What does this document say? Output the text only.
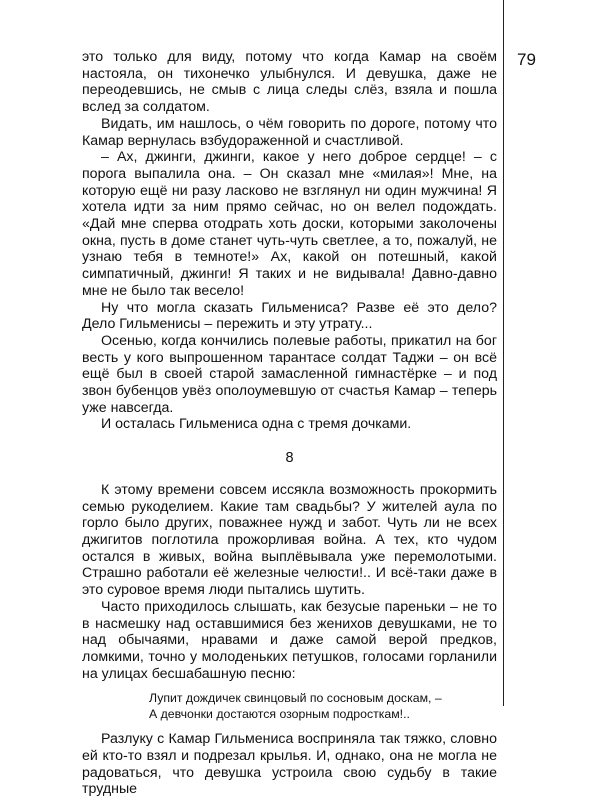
79

это только для виду, потому что когда Камар на своём настояла, он тихонечко улыбнулся. И девушка, даже не переодевшись, не смыв с лица следы слёз, взяла и пошла вслед за солдатом.

Видать, им нашлось, о чём говорить по дороге, потому что Камар вернулась взбудораженной и счастливой.

– Ах, джинги, джинги, какое у него доброе сердце! – с порога выпалила она. – Он сказал мне «милая»! Мне, на которую ещё ни разу ласково не взглянул ни один мужчина! Я хотела идти за ним прямо сейчас, но он велел подождать. «Дай мне сперва отодрать хоть доски, которыми заколочены окна, пусть в доме станет чуть-чуть светлее, а то, пожалуй, не узнаю тебя в темноте!» Ах, какой он потешный, какой симпатичный, джинги! Я таких и не видывала! Давно-давно мне не было так весело!

Ну что могла сказать Гильмениса? Разве её это дело? Дело Гильменисы – пережить и эту утрату...

Осенью, когда кончились полевые работы, прикатил на бог весть у кого выпрошенном тарантасе солдат Таджи – он всё ещё был в своей старой замасленной гимнастёрке – и под звон бубенцов увёз ополоумевшую от счастья Камар – теперь уже навсегда.

И осталась Гильмениса одна с тремя дочками.

8

К этому времени совсем иссякла возможность прокормить семью рукоделием. Какие там свадьбы? У жителей аула по горло было других, поважнее нужд и забот. Чуть ли не всех джигитов поглотила прожорливая война. А тех, кто чудом остался в живых, война выплёвывала уже перемолотыми. Страшно работали её железные челюсти!.. И всё-таки даже в это суровое время люди пытались шутить.

Часто приходилось слышать, как безусые пареньки – не то в насмешку над оставшимися без женихов девушками, не то над обычаями, нравами и даже самой верой предков, ломкими, точно у молоденьких петушков, голосами горланили на улицах бесшабашную песню:

Лупит дождичек свинцовый по сосновым доскам, –
А девчонки достаются озорным подросткам!..

Разлуку с Камар Гильмениса восприняла так тяжко, словно ей кто-то взял и подрезал крылья. И, однако, она не могла не радоваться, что девушка устроила свою судьбу в такие трудные
